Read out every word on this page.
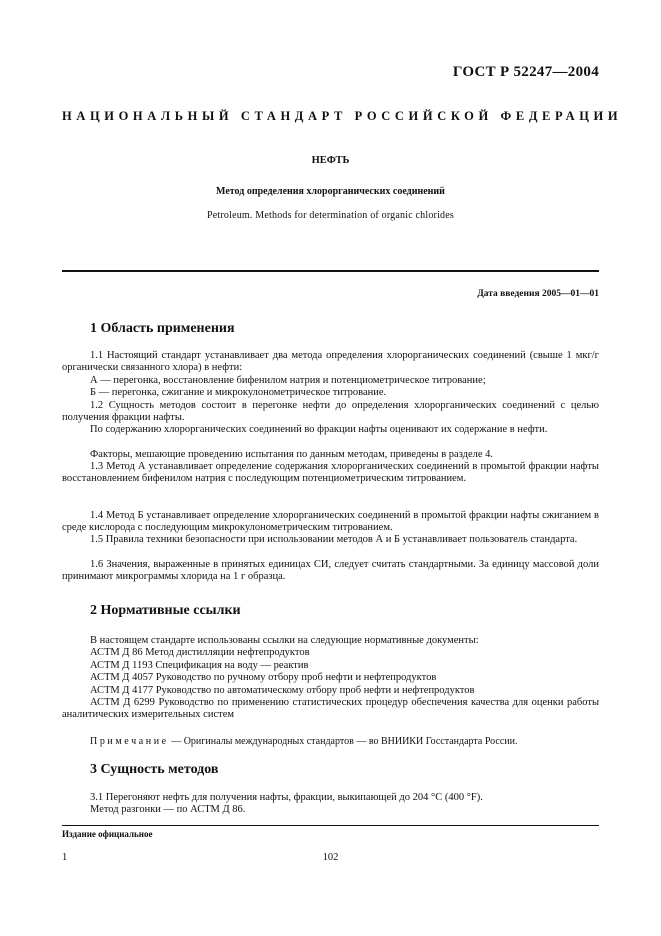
ГОСТ Р 52247—2004
НАЦИОНАЛЬНЫЙ СТАНДАРТ РОССИЙСКОЙ ФЕДЕРАЦИИ
НЕФТЬ
Метод определения хлорорганических соединений
Petroleum. Methods for determination of organic chlorides
Дата введения 2005—01—01
1 Область применения
1.1 Настоящий стандарт устанавливает два метода определения хлорорганических соединений (свыше 1 мкг/г органически связанного хлора) в нефти:
А — перегонка, восстановление бифенилом натрия и потенциометрическое титрование;
Б — перегонка, сжигание и микрокулонометрическое титрование.
1.2 Сущность методов состоит в перегонке нефти до определения хлорорганических соединений с целью получения фракции нафты.
По содержанию хлорорганических соединений во фракции нафты оценивают их содержание в нефти.
Факторы, мешающие проведению испытания по данным методам, приведены в разделе 4.
1.3 Метод А устанавливает определение содержания хлорорганических соединений в промытой фракции нафты восстановлением бифенилом натрия с последующим потенциометрическим титрованием.
1.4 Метод Б устанавливает определение хлорорганических соединений в промытой фракции нафты сжиганием в среде кислорода с последующим микрокулонометрическим титрованием.
1.5 Правила техники безопасности при использовании методов А и Б устанавливает пользователь стандарта.
1.6 Значения, выраженные в принятых единицах СИ, следует считать стандартными. За единицу массовой доли принимают микрограммы хлорида на 1 г образца.
2 Нормативные ссылки
В настоящем стандарте использованы ссылки на следующие нормативные документы:
АСТМ Д 86 Метод дистилляции нефтепродуктов
АСТМ Д 1193 Спецификация на воду — реактив
АСТМ Д 4057 Руководство по ручному отбору проб нефти и нефтепродуктов
АСТМ Д 4177 Руководство по автоматическому отбору проб нефти и нефтепродуктов
АСТМ Д 6299 Руководство по применению статистических процедур обеспечения качества для оценки работы аналитических измерительных систем
Примечание — Оригиналы международных стандартов — во ВНИИКИ Госстандарта России.
3 Сущность методов
3.1 Перегоняют нефть для получения нафты, фракции, выкипающей до 204 °С (400 °F).
Метод разгонки — по АСТМ Д 86.
Издание официальное
1	102
